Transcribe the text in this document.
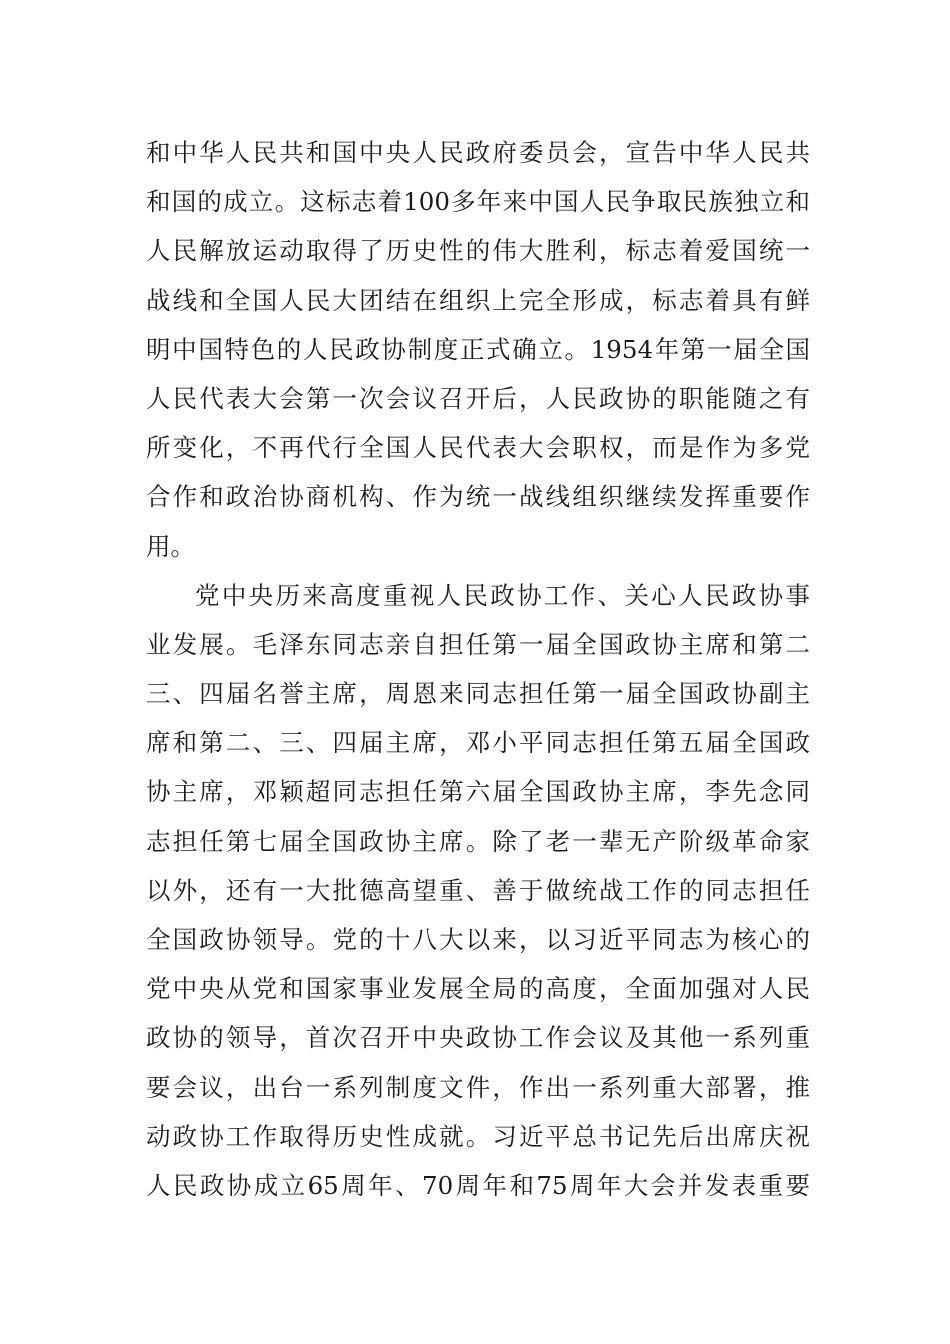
和中华人民共和国中央人民政府委员会，宣告中华人民共
和国的成立。这标志着100多年来中国人民争取民族独立和
人民解放运动取得了历史性的伟大胜利，标志着爱国统一
战线和全国人民大团结在组织上完全形成，标志着具有鲜
明中国特色的人民政协制度正式确立。1954年第一届全国
人民代表大会第一次会议召开后，人民政协的职能随之有
所变化，不再代行全国人民代表大会职权，而是作为多党
合作和政治协商机构、作为统一战线组织继续发挥重要作
用。
党中央历来高度重视人民政协工作、关心人民政协事
业发展。毛泽东同志亲自担任第一届全国政协主席和第二
三、四届名誉主席，周恩来同志担任第一届全国政协副主
席和第二、三、四届主席，邓小平同志担任第五届全国政
协主席，邓颖超同志担任第六届全国政协主席，李先念同
志担任第七届全国政协主席。除了老一辈无产阶级革命家
以外，还有一大批德高望重、善于做统战工作的同志担任
全国政协领导。党的十八大以来，以习近平同志为核心的
党中央从党和国家事业发展全局的高度，全面加强对人民
政协的领导，首次召开中央政协工作会议及其他一系列重
要会议，出台一系列制度文件，作出一系列重大部署，推
动政协工作取得历史性成就。习近平总书记先后出席庆祝
人民政协成立65周年、70周年和75周年大会并发表重要
